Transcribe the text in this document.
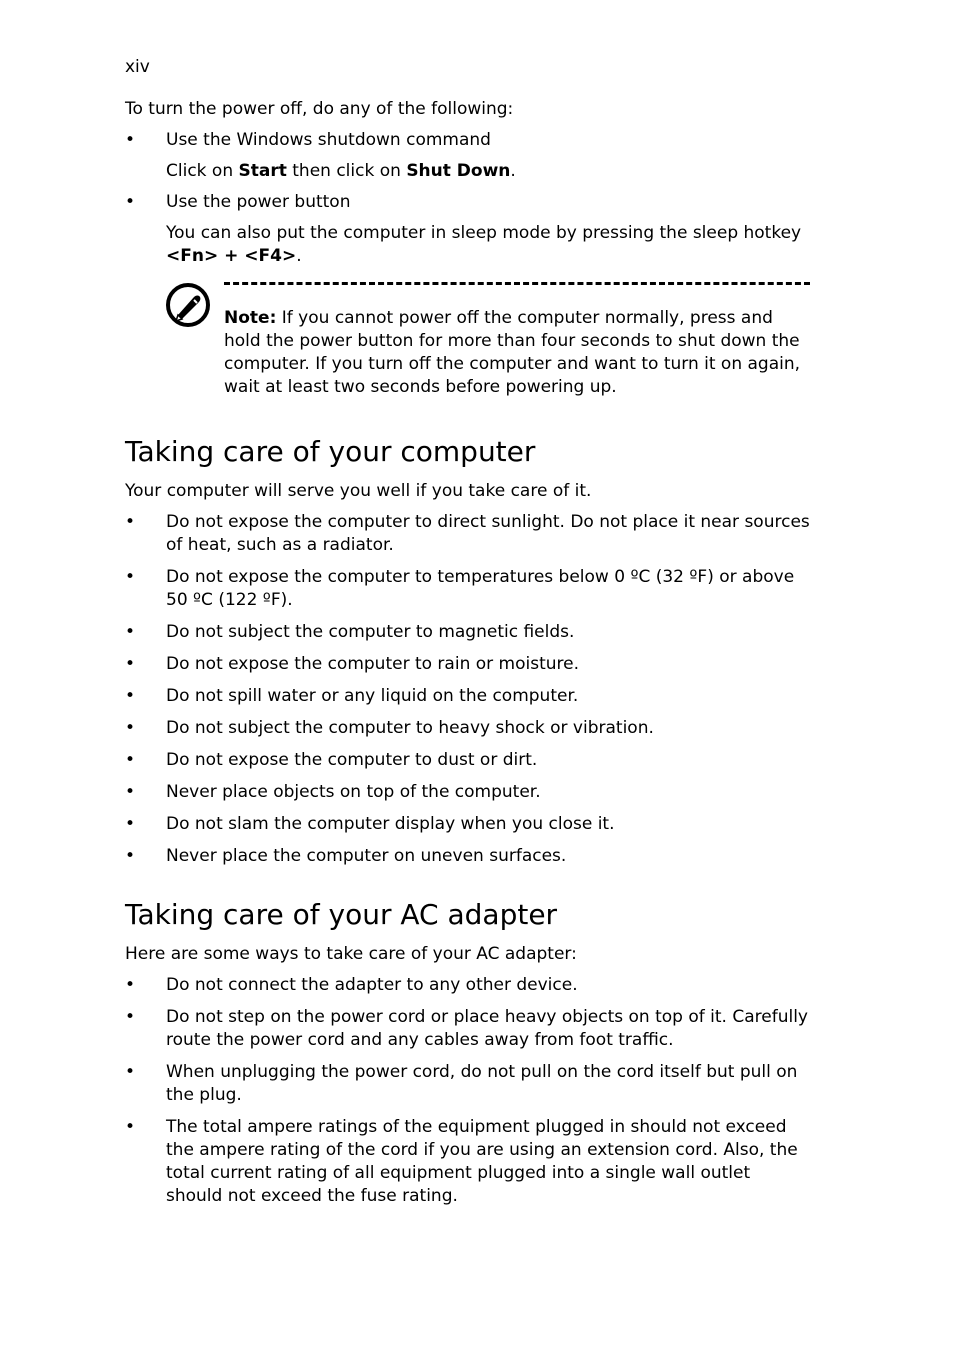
xiv

To turn the power off, do any of the following:

• Use the Windows shutdown command

Click on Start then click on Shut Down.

• Use the power button

You can also put the computer in sleep mode by pressing the sleep hotkey <Fn> + <F4>.

Note: If you cannot power off the computer normally, press and hold the power button for more than four seconds to shut down the computer. If you turn off the computer and want to turn it on again, wait at least two seconds before powering up.

Taking care of your computer

Your computer will serve you well if you take care of it.

• Do not expose the computer to direct sunlight. Do not place it near sources of heat, such as a radiator.
• Do not expose the computer to temperatures below 0 ºC (32 ºF) or above 50 ºC (122 ºF).
• Do not subject the computer to magnetic fields.
• Do not expose the computer to rain or moisture.
• Do not spill water or any liquid on the computer.
• Do not subject the computer to heavy shock or vibration.
• Do not expose the computer to dust or dirt.
• Never place objects on top of the computer.
• Do not slam the computer display when you close it.
• Never place the computer on uneven surfaces.
Taking care of your AC adapter

Here are some ways to take care of your AC adapter:

• Do not connect the adapter to any other device.
• Do not step on the power cord or place heavy objects on top of it. Carefully route the power cord and any cables away from foot traffic.
• When unplugging the power cord, do not pull on the cord itself but pull on the plug.
• The total ampere ratings of the equipment plugged in should not exceed the ampere rating of the cord if you are using an extension cord. Also, the total current rating of all equipment plugged into a single wall outlet should not exceed the fuse rating.
